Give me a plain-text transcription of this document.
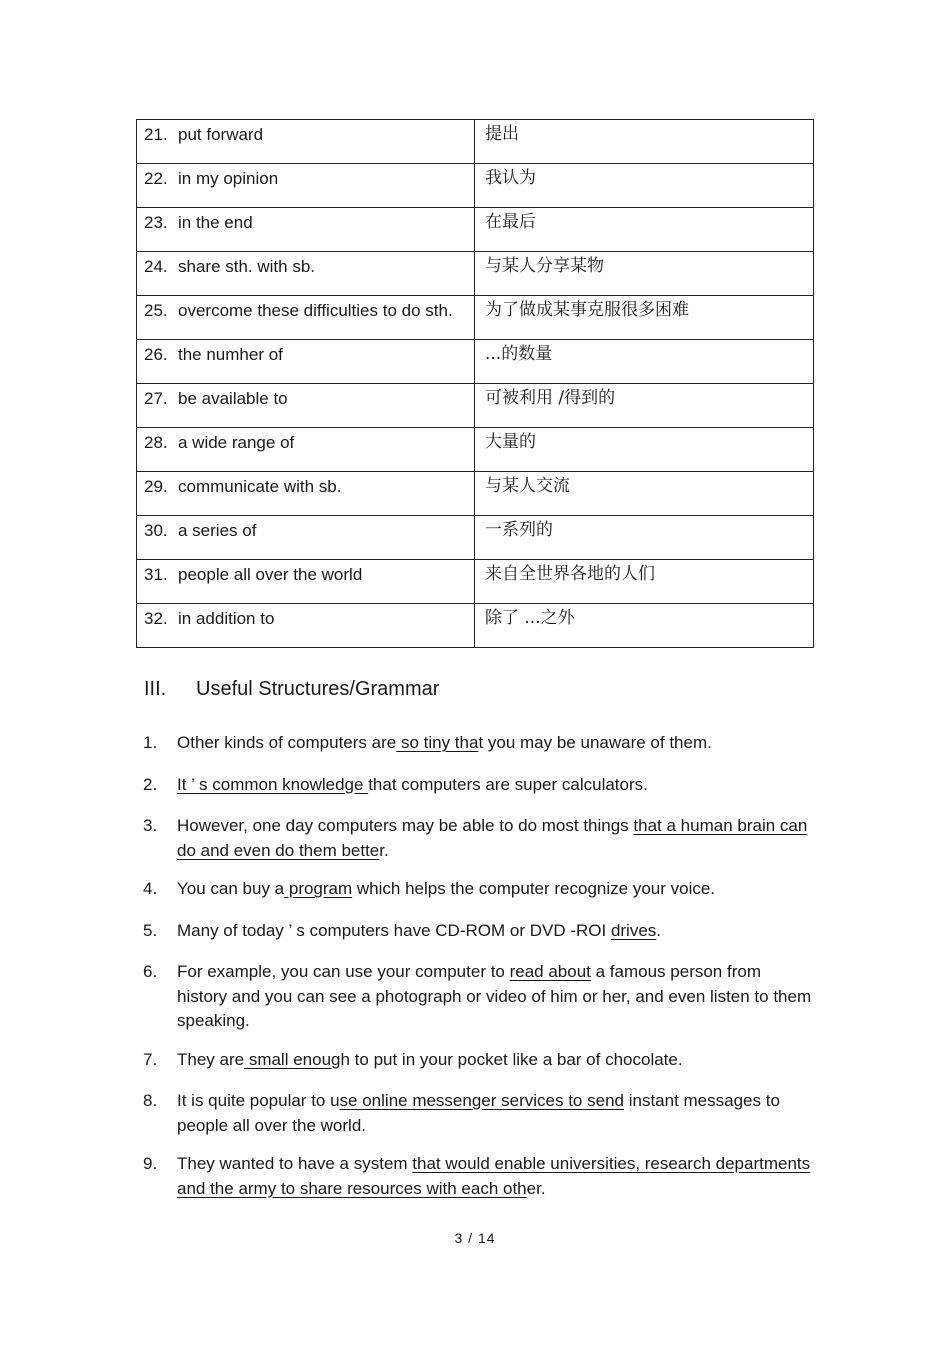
21. put forward	提出
22. in my opinion	我认为
23. in the end	在最后
24. share sth. with sb.	与某人分享某物
25. overcome these difficulties to do sth.	为了做成某事克服很多困难
26. the numher of	...的数量
27. be available to	可被利用 /得到的
28. a wide range of	大量的
29. communicate with sb.	与某人交流
30. a series of	一系列的
31. people all over the world	来自全世界各地的人们
32. in addition to	除了 ...之外
III. Useful Structures/Grammar
1. Other kinds of computers are so tiny that you may be unaware of them.
2. It ’ s common knowledge that computers are super calculators.
3. However, one day computers may be able to do most things that a human brain can do and even do them better.
4. You can buy a program which helps the computer recognize your voice.
5. Many of today ’ s computers have CD-ROM or DVD -ROI drives.
6. For example, you can use your computer to read about a famous person from history and you can see a photograph or video of him or her, and even listen to them speaking.
7. They are small enough to put in your pocket like a bar of chocolate.
8. It is quite popular to use online messenger services to send instant messages to people all over the world.
9. They wanted to have a system that would enable universities, research departments and the army to share resources with each other.
3 / 14
